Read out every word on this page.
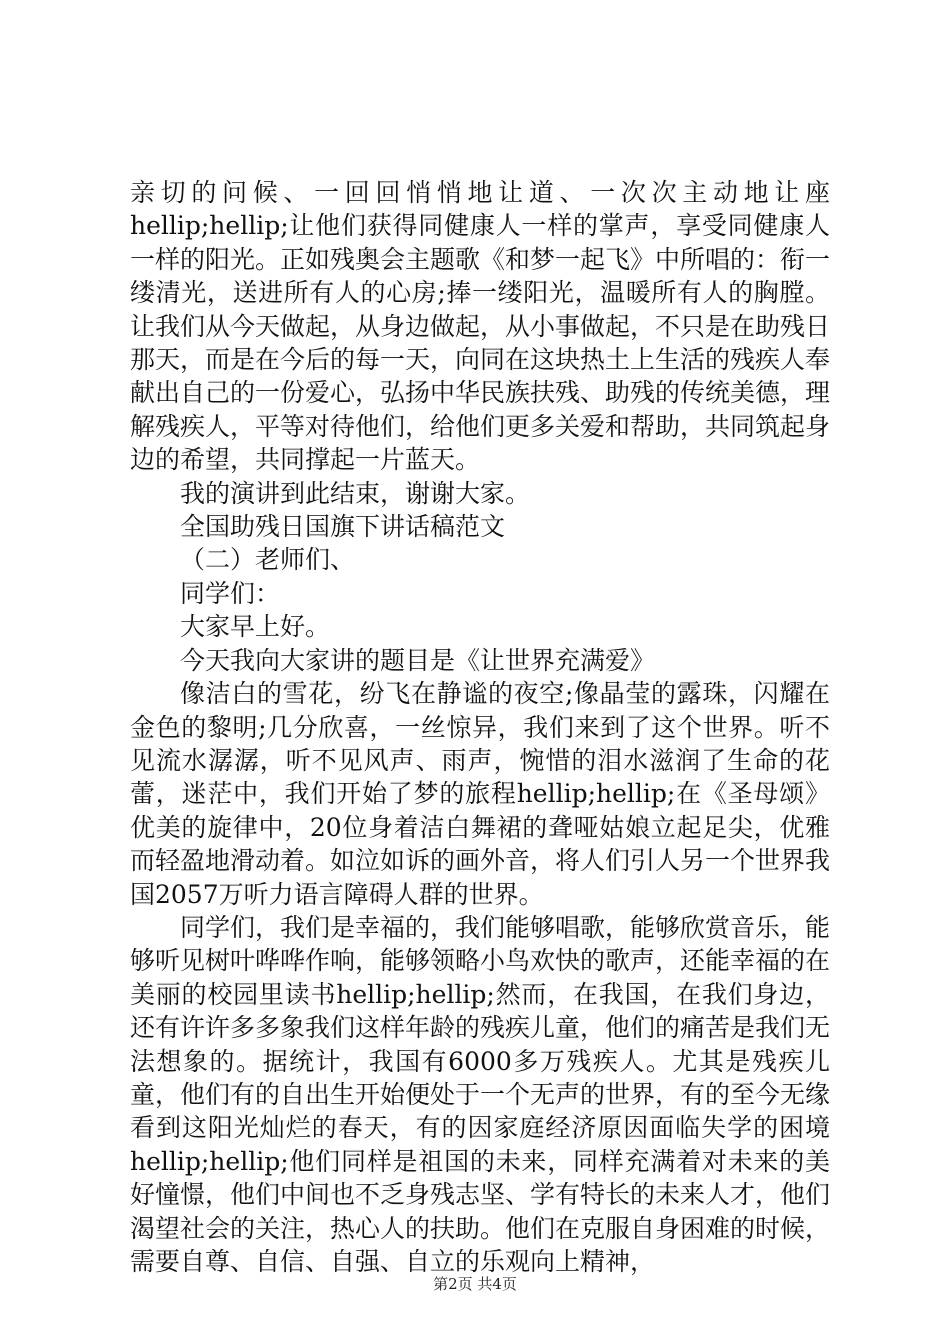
亲切的问候、一回回悄悄地让道、一次次主动地让座hellip;hellip;让他们获得同健康人一样的掌声，享受同健康人一样的阳光。正如残奥会主题歌《和梦一起飞》中所唱的：衔一缕清光，送进所有人的心房;捧一缕阳光，温暖所有人的胸膛。让我们从今天做起，从身边做起，从小事做起，不只是在助残日那天，而是在今后的每一天，向同在这块热土上生活的残疾人奉献出自己的一份爱心，弘扬中华民族扶残、助残的传统美德，理解残疾人，平等对待他们，给他们更多关爱和帮助，共同筑起身边的希望，共同撑起一片蓝天。

我的演讲到此结束，谢谢大家。

全国助残日国旗下讲话稿范文

（二）老师们、

同学们：

大家早上好。

今天我向大家讲的题目是《让世界充满爱》

像洁白的雪花，纷飞在静谧的夜空;像晶莹的露珠，闪耀在金色的黎明;几分欣喜，一丝惊异，我们来到了这个世界。听不见流水潺潺，听不见风声、雨声，惋惜的泪水滋润了生命的花蕾，迷茫中，我们开始了梦的旅程hellip;hellip;在《圣母颂》优美的旋律中，20位身着洁白舞裙的聋哑姑娘立起足尖，优雅而轻盈地滑动着。如泣如诉的画外音，将人们引人另一个世界我国2057万听力语言障碍人群的世界。

同学们，我们是幸福的，我们能够唱歌，能够欣赏音乐，能够听见树叶哗哗作响，能够领略小鸟欢快的歌声，还能幸福的在美丽的校园里读书hellip;hellip;然而，在我国，在我们身边，还有许许多多象我们这样年龄的残疾儿童，他们的痛苦是我们无法想象的。据统计，我国有6000多万残疾人。尤其是残疾儿童，他们有的自出生开始便处于一个无声的世界，有的至今无缘看到这阳光灿烂的春天，有的因家庭经济原因面临失学的困境hellip;hellip;他们同样是祖国的未来，同样充满着对未来的美好憧憬，他们中间也不乏身残志坚、学有特长的未来人才，他们渴望社会的关注，热心人的扶助。他们在克服自身困难的时候，需要自尊、自信、自强、自立的乐观向上精神，

第2页 共4页
